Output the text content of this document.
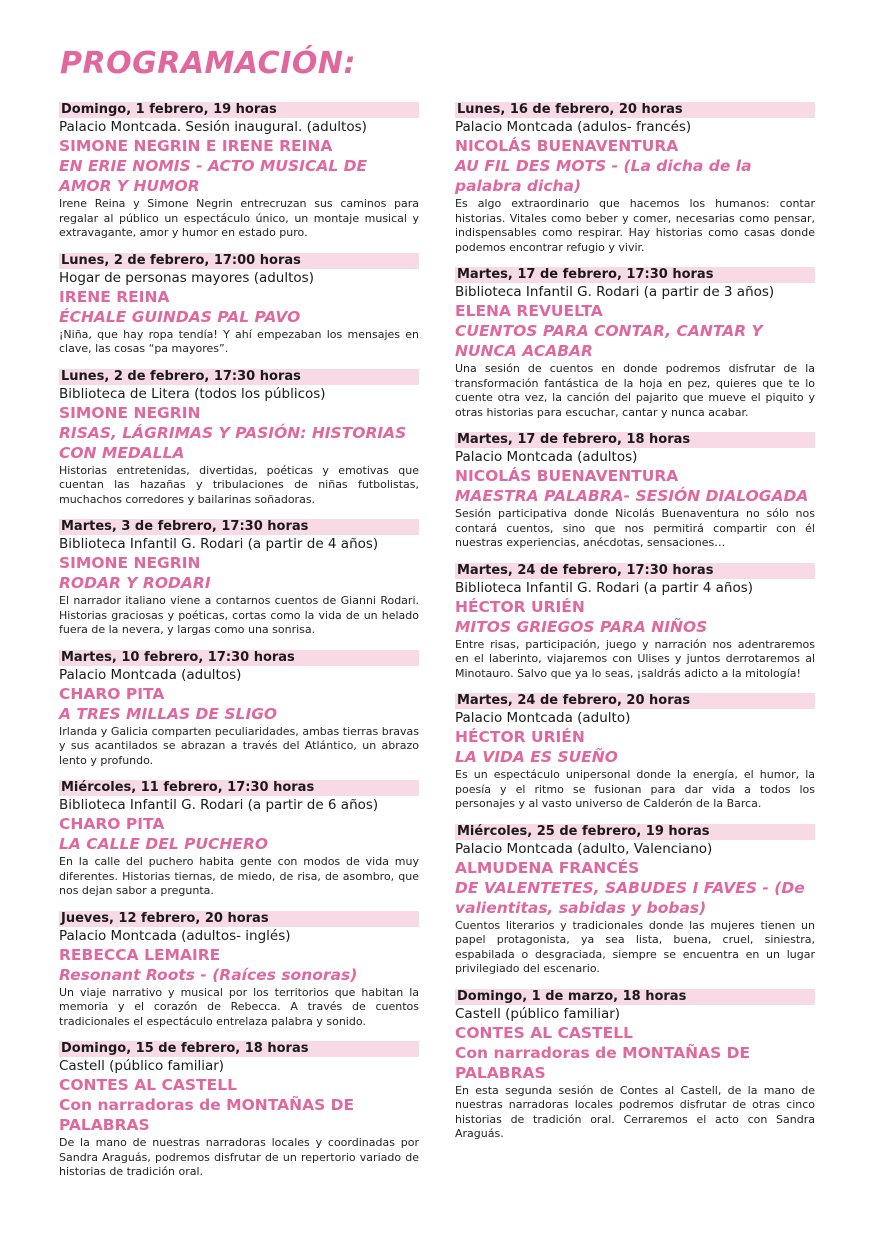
PROGRAMACIÓN:
Domingo, 1 febrero, 19 horas
Palacio Montcada. Sesión inaugural. (adultos)
SIMONE NEGRIN E IRENE REINA
EN ERIE NOMIS - ACTO MUSICAL DE AMOR Y HUMOR
Irene Reina y Simone Negrin entrecruzan sus caminos para regalar al público un espectáculo único, un montaje musical y extravagante, amor y humor en estado puro.
Lunes, 2 de febrero, 17:00 horas
Hogar de personas mayores (adultos)
IRENE REINA
ÉCHALE GUINDAS PAL PAVO
¡Niña, que hay ropa tendía! Y ahí empezaban los mensajes en clave, las cosas “pa mayores”.
Lunes, 2 de febrero, 17:30 horas
Biblioteca de Litera (todos los públicos)
SIMONE NEGRIN
RISAS, LÁGRIMAS Y PASIÓN: HISTORIAS CON MEDALLA
Historias entretenidas, divertidas, poéticas y emotivas que cuentan las hazañas y tribulaciones de niñas futbolistas, muchachos corredores y bailarinas soñadoras.
Martes, 3 de febrero, 17:30 horas
Biblioteca Infantil G. Rodari (a partir de 4 años)
SIMONE NEGRIN
RODAR Y RODARI
El narrador italiano viene a contarnos cuentos de Gianni Rodari. Historias graciosas y poéticas, cortas como la vida de un helado fuera de la nevera, y largas como una sonrisa.
Martes, 10 febrero, 17:30 horas
Palacio Montcada (adultos)
CHARO PITA
A TRES MILLAS DE SLIGO
Irlanda y Galicia comparten peculiaridades, ambas tierras bravas y sus acantilados se abrazan a través del Atlántico, un abrazo lento y profundo.
Miércoles, 11 febrero, 17:30 horas
Biblioteca Infantil G. Rodari (a partir de 6 años)
CHARO PITA
LA CALLE DEL PUCHERO
En la calle del puchero habita gente con modos de vida muy diferentes. Historias tiernas, de miedo, de risa, de asombro, que nos dejan sabor a pregunta.
Jueves, 12 febrero, 20 horas
Palacio Montcada (adultos- inglés)
REBECCA LEMAIRE
Resonant Roots - (Raíces sonoras)
Un viaje narrativo y musical por los territorios que habitan la memoria y el corazón de Rebecca. A través de cuentos tradicionales el espectáculo entrelaza palabra y sonido.
Domingo, 15 de febrero, 18 horas
Castell (público familiar)
CONTES AL CASTELL
Con narradoras de MONTAÑAS DE PALABRAS
De la mano de nuestras narradoras locales y coordinadas por Sandra Araguás, podremos disfrutar de un repertorio variado de historias de tradición oral.
Lunes, 16 de febrero, 20 horas
Palacio Montcada (adulos- francés)
NICOLÁS BUENAVENTURA
AU FIL DES MOTS - (La dicha de la palabra dicha)
Es algo extraordinario que hacemos los humanos: contar historias. Vitales como beber y comer, necesarias como pensar, indispensables como respirar. Hay historias como casas donde podemos encontrar refugio y vivir.
Martes, 17 de febrero, 17:30 horas
Biblioteca Infantil G. Rodari (a partir de 3 años)
ELENA REVUELTA
CUENTOS PARA CONTAR, CANTAR Y NUNCA ACABAR
Una sesión de cuentos en donde podremos disfrutar de la transformación fantástica de la hoja en pez, quieres que te lo cuente otra vez, la canción del pajarito que mueve el piquito y otras historias para escuchar, cantar y nunca acabar.
Martes, 17 de febrero, 18 horas
Palacio Montcada (adultos)
NICOLÁS BUENAVENTURA
MAESTRA PALABRA- SESIÓN DIALOGADA
Sesión participativa donde Nicolás Buenaventura no sólo nos contará cuentos, sino que nos permitirá compartir con él nuestras experiencias, anécdotas, sensaciones…
Martes, 24 de febrero, 17:30 horas
Biblioteca Infantil G. Rodari (a partir 4 años)
HÉCTOR URIÉN
MITOS GRIEGOS PARA NIÑOS
Entre risas, participación, juego y narración nos adentraremos en el laberinto, viajaremos con Ulises y juntos derrotaremos al Minotauro. Salvo que ya lo seas, ¡saldrás adicto a la mitología!
Martes, 24 de febrero, 20 horas
Palacio Montcada (adulto)
HÉCTOR URIÉN
LA VIDA ES SUEÑO
Es un espectáculo unipersonal donde la energía, el humor, la poesía y el ritmo se fusionan para dar vida a todos los personajes y al vasto universo de Calderón de la Barca.
Miércoles, 25 de febrero, 19 horas
Palacio Montcada (adulto, Valenciano)
ALMUDENA FRANCÉS
DE VALENTETES, SABUDES I FAVES - (De valientitas, sabidas y bobas)
Cuentos literarios y tradicionales donde las mujeres tienen un papel protagonista, ya sea lista, buena, cruel, siniestra, espabilada o desgraciada, siempre se encuentra en un lugar privilegiado del escenario.
Domingo, 1 de marzo, 18 horas
Castell (público familiar)
CONTES AL CASTELL
Con narradoras de MONTAÑAS DE PALABRAS
En esta segunda sesión de Contes al Castell, de la mano de nuestras narradoras locales podremos disfrutar de otras cinco historias de tradición oral. Cerraremos el acto con Sandra Araguás.
